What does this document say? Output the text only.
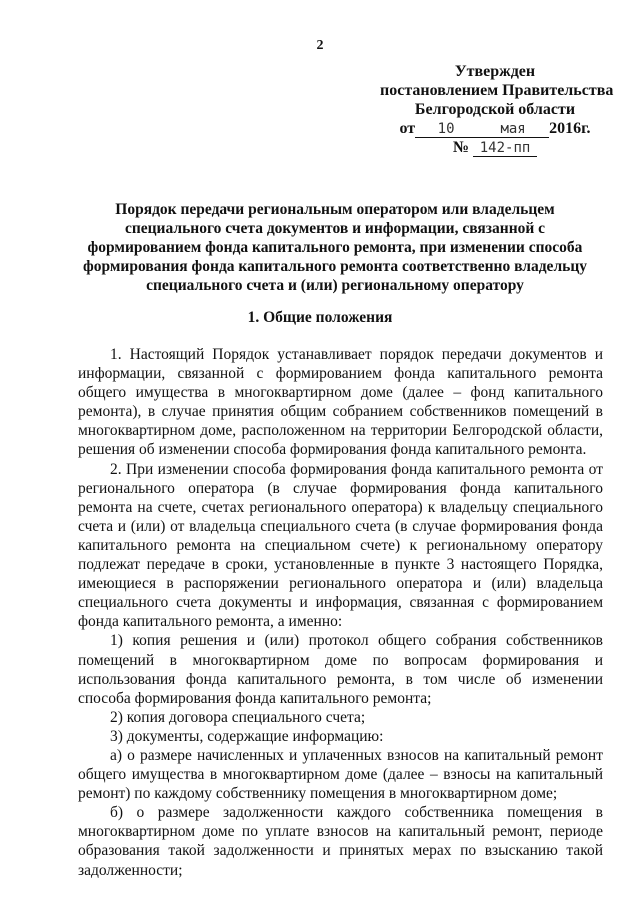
2
Утвержден
постановлением Правительства
Белгородской области
от 10	мая 2016г.
№ 142-пп
Порядок передачи региональным оператором или владельцем специального счета документов и информации, связанной с формированием фонда капитального ремонта, при изменении способа формирования фонда капитального ремонта соответственно владельцу специального счета и (или) региональному оператору
1. Общие положения

1. Настоящий Порядок устанавливает порядок передачи документов и информации, связанной с формированием фонда капитального ремонта общего имущества в многоквартирном доме (далее – фонд капитального ремонта), в случае принятия общим собранием собственников помещений в многоквартирном доме, расположенном на территории Белгородской области, решения об изменении способа формирования фонда капитального ремонта.

2. При изменении способа формирования фонда капитального ремонта от регионального оператора (в случае формирования фонда капитального ремонта на счете, счетах регионального оператора) к владельцу специального счета и (или) от владельца специального счета (в случае формирования фонда капитального ремонта на специальном счете) к региональному оператору подлежат передаче в сроки, установленные в пункте 3 настоящего Порядка, имеющиеся в распоряжении регионального оператора и (или) владельца специального счета документы и информация, связанная с формированием фонда капитального ремонта, а именно:

1) копия решения и (или) протокол общего собрания собственников помещений в многоквартирном доме по вопросам формирования и использования фонда капитального ремонта, в том числе об изменении способа формирования фонда капитального ремонта;

2) копия договора специального счета;

3) документы, содержащие информацию:

а) о размере начисленных и уплаченных взносов на капитальный ремонт общего имущества в многоквартирном доме (далее – взносы на капитальный ремонт) по каждому собственнику помещения в многоквартирном доме;

б) о размере задолженности каждого собственника помещения в многоквартирном доме по уплате взносов на капитальный ремонт, периоде образования такой задолженности и принятых мерах по взысканию такой задолженности;
